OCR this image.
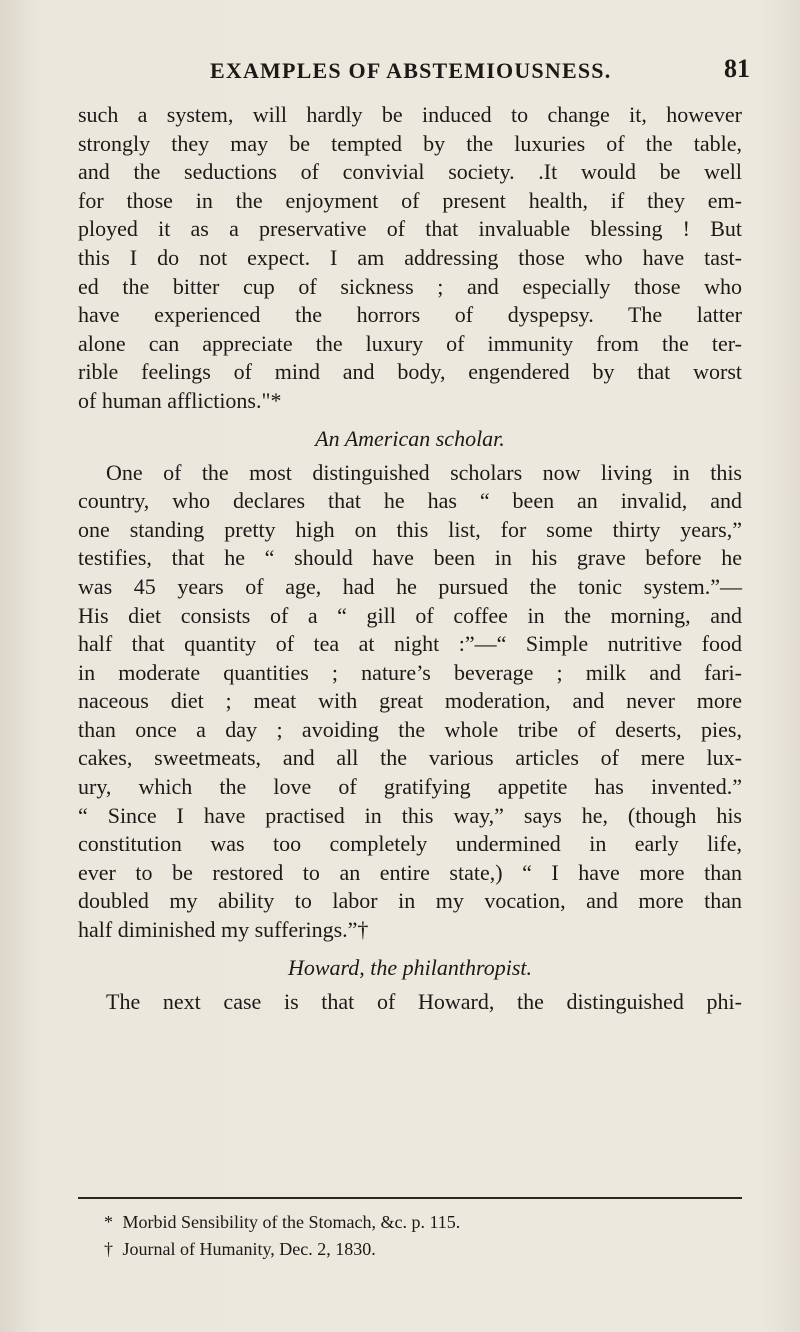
EXAMPLES OF ABSTEMIOUSNESS.	81
such a system, will hardly be induced to change it, however
strongly they may be tempted by the luxuries of the table,
and the seductions of convivial society. .It would be well
for those in the enjoyment of present health, if they em-
ployed it as a preservative of that invaluable blessing ! But
this I do not expect. I am addressing those who have tast-
ed the bitter cup of sickness ; and especially those who
have experienced the horrors of dyspepsy. The latter
alone can appreciate the luxury of immunity from the ter-
rible feelings of mind and body, engendered by that worst
of human afflictions."*
An American scholar.
One of the most distinguished scholars now living in this
country, who declares that he has “ been an invalid, and
one standing pretty high on this list, for some thirty years,”
testifies, that he “ should have been in his grave before he
was 45 years of age, had he pursued the tonic system.”—
His diet consists of a “ gill of coffee in the morning, and
half that quantity of tea at night :”—“ Simple nutritive food
in moderate quantities ; nature’s beverage ; milk and fari-
naceous diet ; meat with great moderation, and never more
than once a day ; avoiding the whole tribe of deserts, pies,
cakes, sweetmeats, and all the various articles of mere lux-
ury, which the love of gratifying appetite has invented.”
“ Since I have practised in this way,” says he, (though his
constitution was too completely undermined in early life,
ever to be restored to an entire state,) “ I have more than
doubled my ability to labor in my vocation, and more than
half diminished my sufferings.”†
Howard, the philanthropist.
The next case is that of Howard, the distinguished phi-
* Morbid Sensibility of the Stomach, &c. p. 115.
† Journal of Humanity, Dec. 2, 1830.
